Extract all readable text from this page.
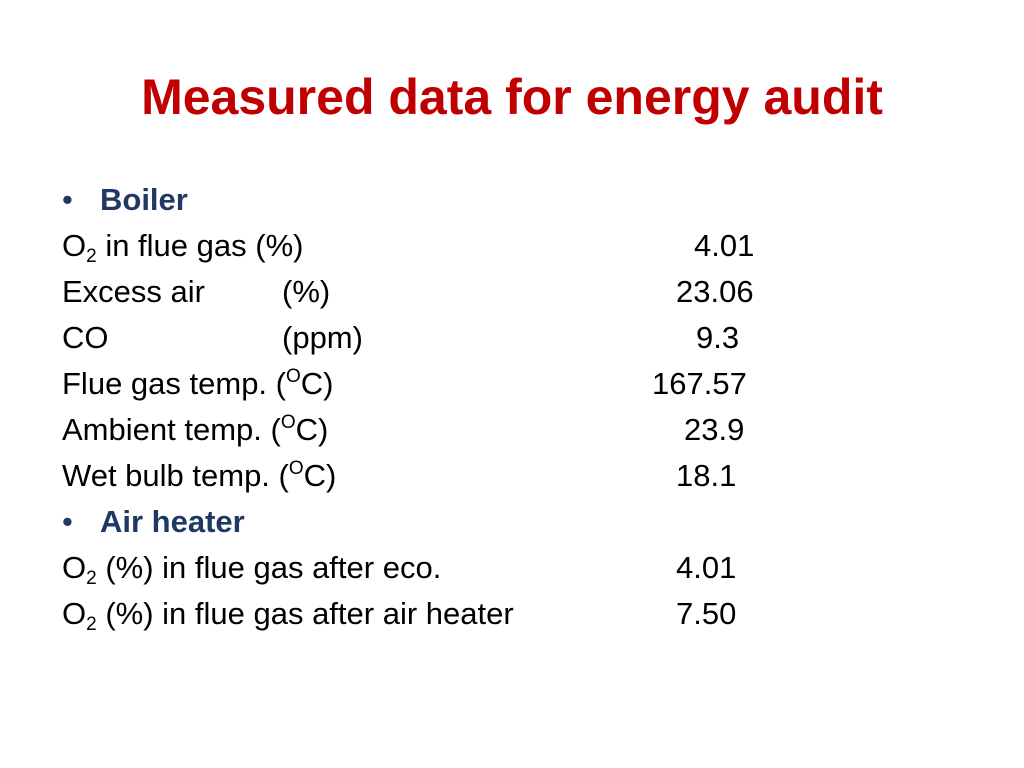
Measured data for energy audit
• Boiler
$O_2$ in flue gas (%)	4.01
Excess air (%)	23.06
CO	(ppm)	9.3
Flue gas temp. ($^O$C)	167.57
Ambient temp. ($^O$C)	23.9
Wet bulb temp. ($^O$C)	18.1
• Air heater
$O_2$ (%) in flue gas after eco.	4.01
$O_2$ (%) in flue gas after air heater	7.50
